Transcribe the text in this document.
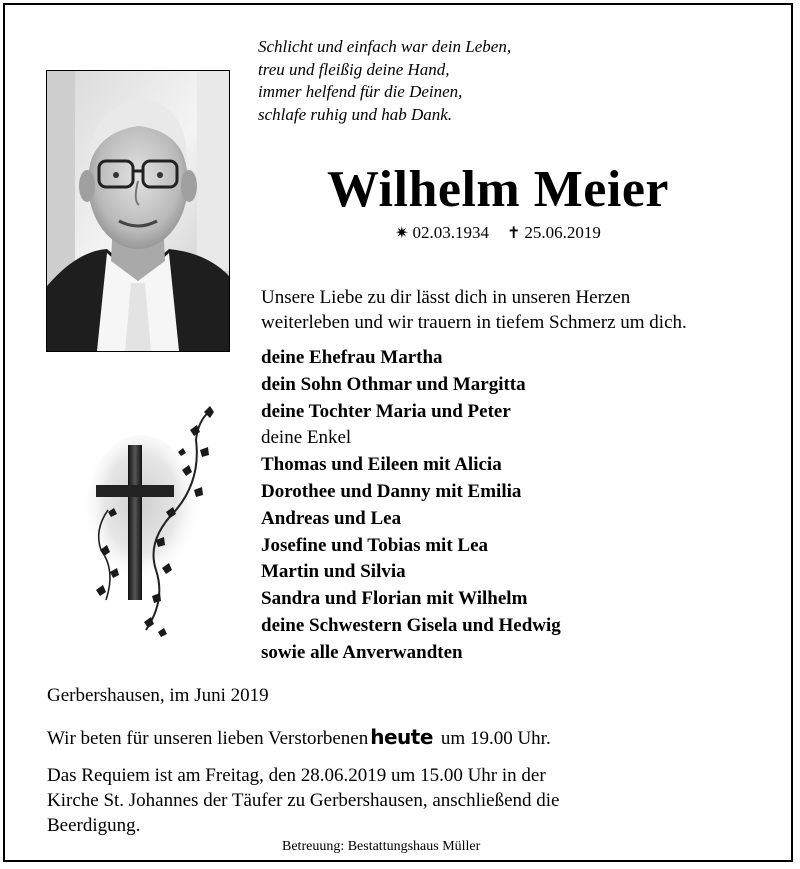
Schlicht und einfach war dein Leben,
treu und fleißig deine Hand,
immer helfend für die Deinen,
schlafe ruhig und hab Dank.
Wilhelm Meier
✷ 02.03.1934 ✝ 25.06.2019
Unsere Liebe zu dir lässt dich in unseren Herzen
weiterleben und wir trauern in tiefem Schmerz um dich.
deine Ehefrau Martha
dein Sohn Othmar und Margitta
deine Tochter Maria und Peter
deine Enkel
Thomas und Eileen mit Alicia
Dorothee und Danny mit Emilia
Andreas und Lea
Josefine und Tobias mit Lea
Martin und Silvia
Sandra und Florian mit Wilhelm
deine Schwestern Gisela und Hedwig
sowie alle Anverwandten
Gerbershausen, im Juni 2019
Wir beten für unseren lieben Verstorbenen heute um 19.00 Uhr.
Das Requiem ist am Freitag, den 28.06.2019 um 15.00 Uhr in der
Kirche St. Johannes der Täufer zu Gerbershausen, anschließend die
Beerdigung.
Betreuung: Bestattungshaus Müller
